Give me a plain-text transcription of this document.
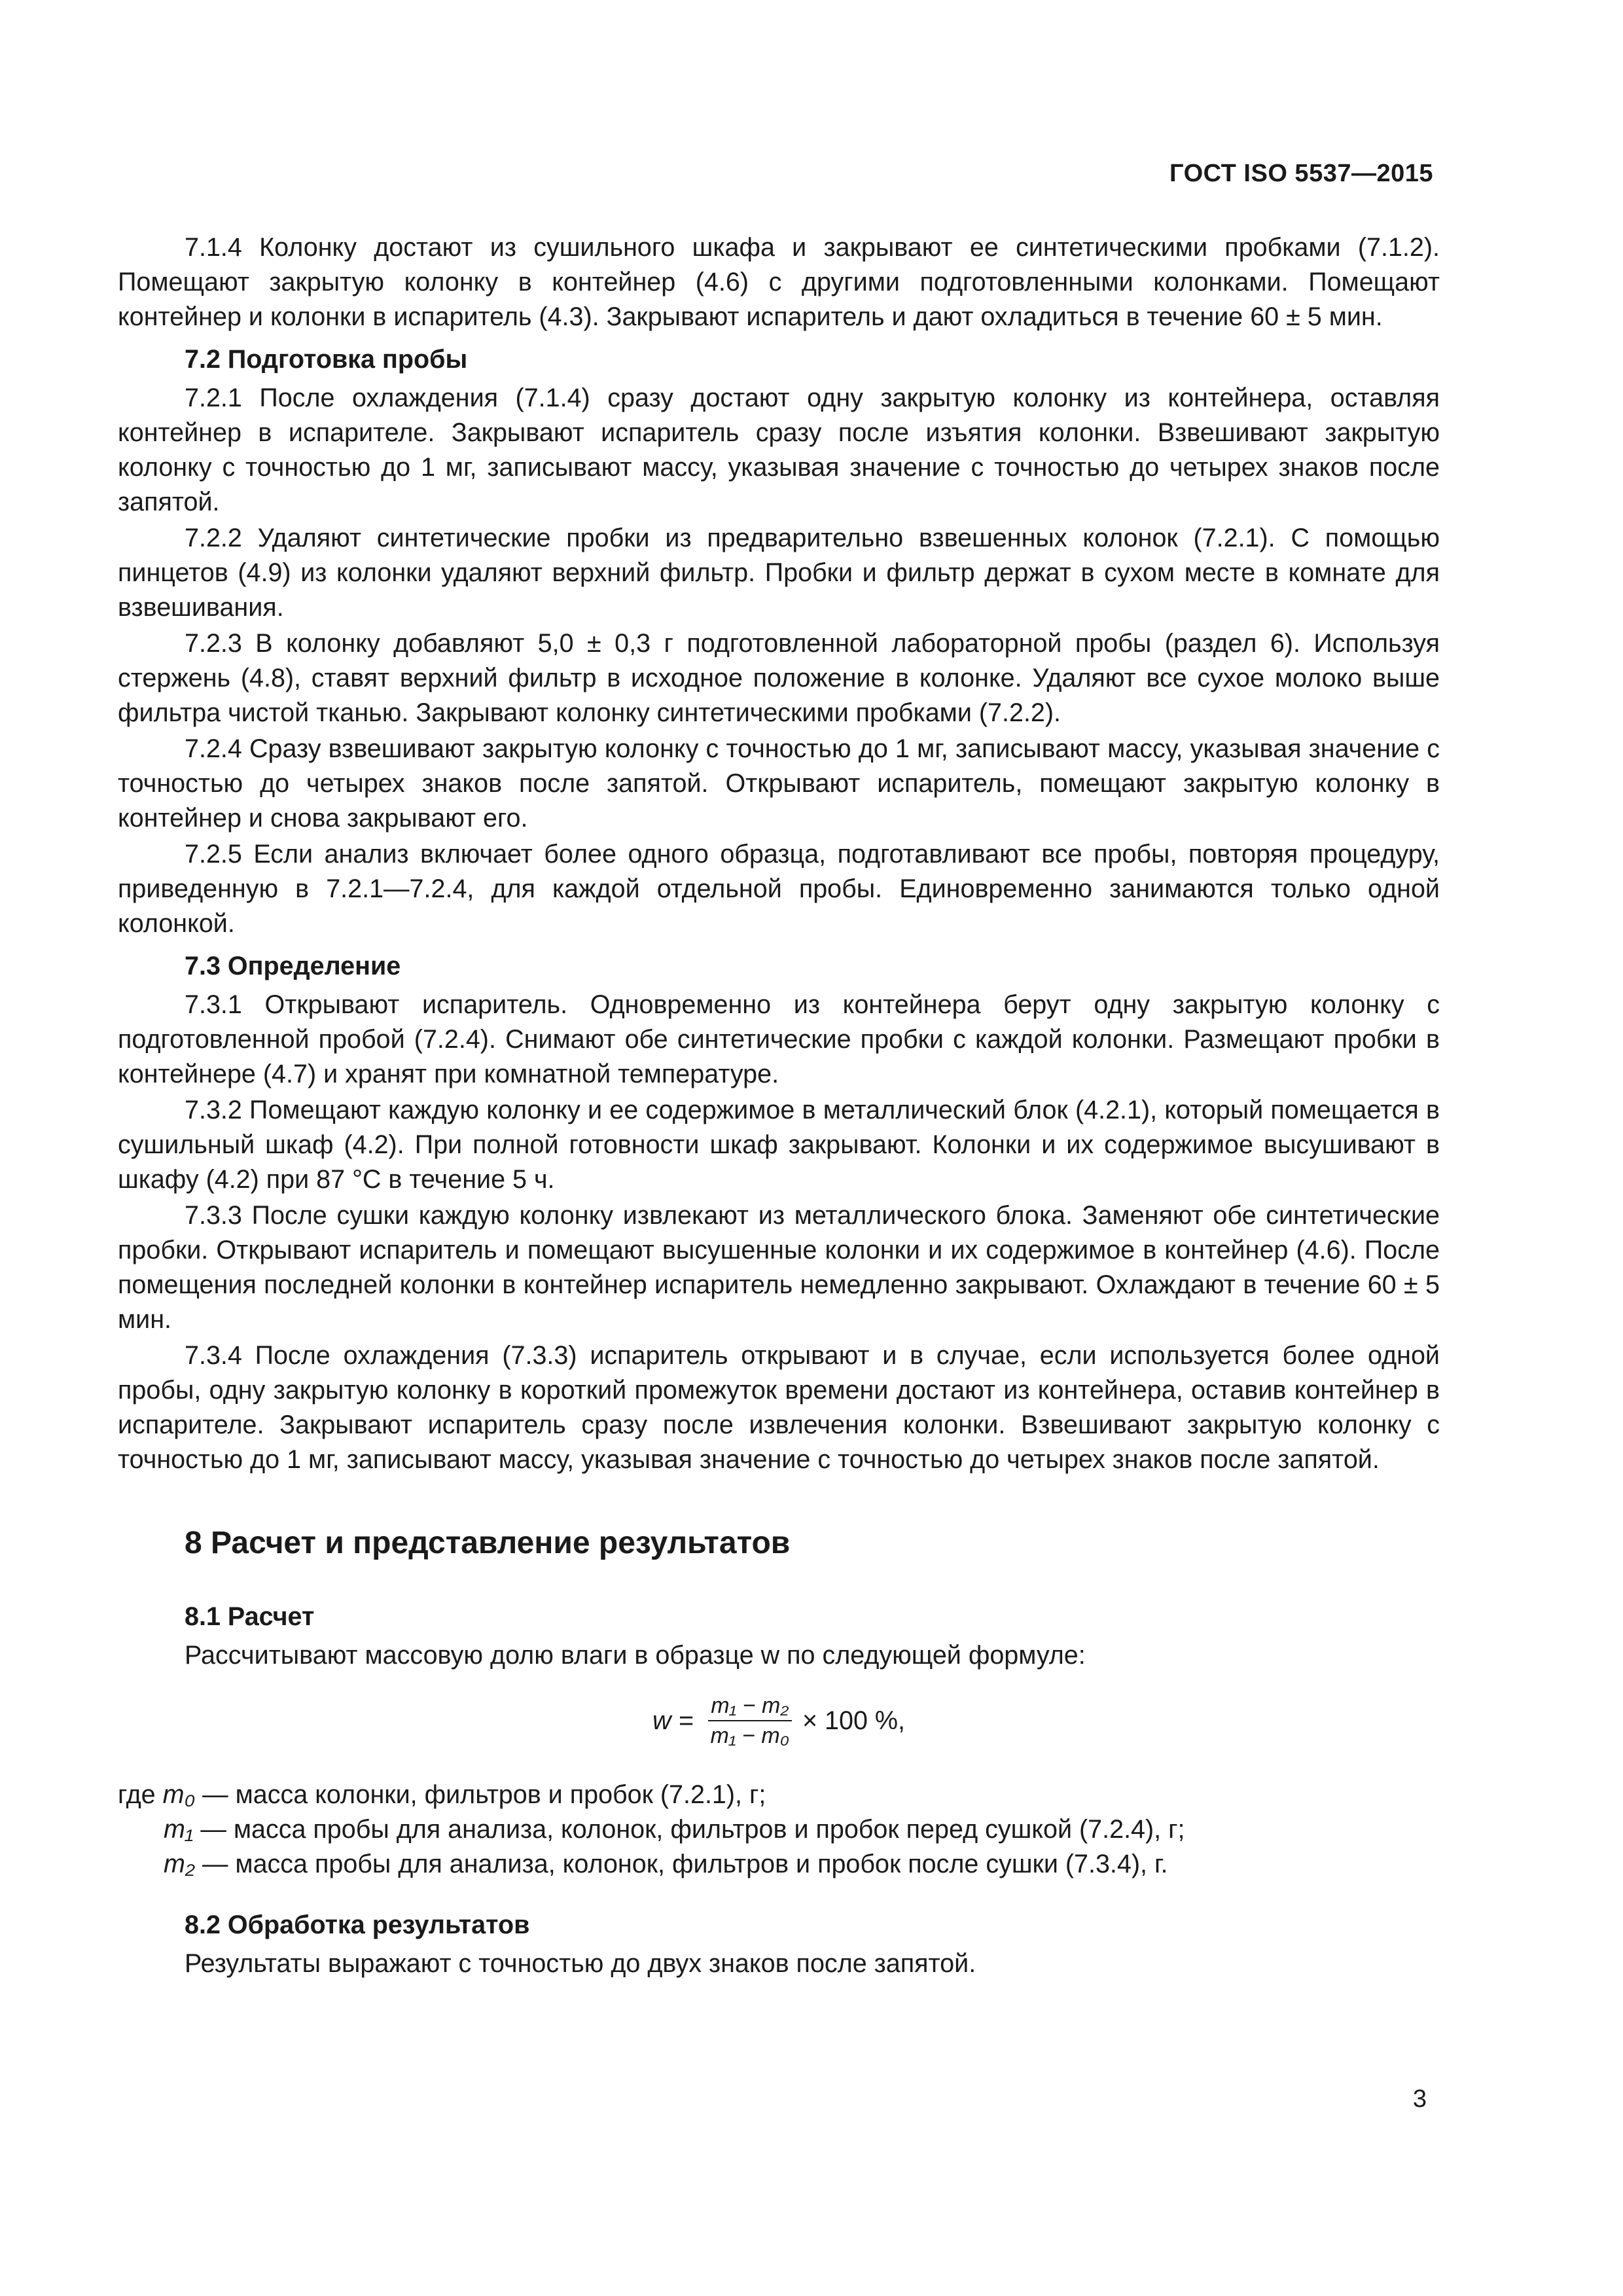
ГОСТ ISO 5537—2015

7.1.4 Колонку достают из сушильного шкафа и закрывают ее синтетическими пробками (7.1.2). Помещают закрытую колонку в контейнер (4.6) с другими подготовленными колонками. Помещают контейнер и колонки в испаритель (4.3). Закрывают испаритель и дают охладиться в течение 60 ± 5 мин.

7.2 Подготовка пробы

7.2.1 После охлаждения (7.1.4) сразу достают одну закрытую колонку из контейнера, оставляя контейнер в испарителе. Закрывают испаритель сразу после изъятия колонки. Взвешивают закрытую колонку с точностью до 1 мг, записывают массу, указывая значение с точностью до четырех знаков после запятой.

7.2.2 Удаляют синтетические пробки из предварительно взвешенных колонок (7.2.1). С помощью пинцетов (4.9) из колонки удаляют верхний фильтр. Пробки и фильтр держат в сухом месте в комнате для взвешивания.

7.2.3 В колонку добавляют 5,0 ± 0,3 г подготовленной лабораторной пробы (раздел 6). Используя стержень (4.8), ставят верхний фильтр в исходное положение в колонке. Удаляют все сухое молоко выше фильтра чистой тканью. Закрывают колонку синтетическими пробками (7.2.2).

7.2.4 Сразу взвешивают закрытую колонку с точностью до 1 мг, записывают массу, указывая значение с точностью до четырех знаков после запятой. Открывают испаритель, помещают закрытую колонку в контейнер и снова закрывают его.

7.2.5 Если анализ включает более одного образца, подготавливают все пробы, повторяя процедуру, приведенную в 7.2.1—7.2.4, для каждой отдельной пробы. Единовременно занимаются только одной колонкой.

7.3 Определение

7.3.1 Открывают испаритель. Одновременно из контейнера берут одну закрытую колонку с подготовленной пробой (7.2.4). Снимают обе синтетические пробки с каждой колонки. Размещают пробки в контейнере (4.7) и хранят при комнатной температуре.

7.3.2 Помещают каждую колонку и ее содержимое в металлический блок (4.2.1), который помещается в сушильный шкаф (4.2). При полной готовности шкаф закрывают. Колонки и их содержимое высушивают в шкафу (4.2) при 87 °C в течение 5 ч.

7.3.3 После сушки каждую колонку извлекают из металлического блока. Заменяют обе синтетические пробки. Открывают испаритель и помещают высушенные колонки и их содержимое в контейнер (4.6). После помещения последней колонки в контейнер испаритель немедленно закрывают. Охлаждают в течение 60 ± 5 мин.

7.3.4 После охлаждения (7.3.3) испаритель открывают и в случае, если используется более одной пробы, одну закрытую колонку в короткий промежуток времени достают из контейнера, оставив контейнер в испарителе. Закрывают испаритель сразу после извлечения колонки. Взвешивают закрытую колонку с точностью до 1 мг, записывают массу, указывая значение с точностью до четырех знаков после запятой.

8 Расчет и представление результатов
8.1 Расчет

Рассчитывают массовую долю влаги в образце w по следующей формуле:

$w = \frac{\text{m₁ − m₂}}{\text{m₁ − m₀}} \times 100$ %,
где m₀ — масса колонки, фильтров и пробок (7.2.1), г;
m₁ — масса пробы для анализа, колонок, фильтров и пробок перед сушкой (7.2.4), г;
m₂ — масса пробы для анализа, колонок, фильтров и пробок после сушки (7.3.4), г.
8.2 Обработка результатов

Результаты выражают с точностью до двух знаков после запятой.

3
